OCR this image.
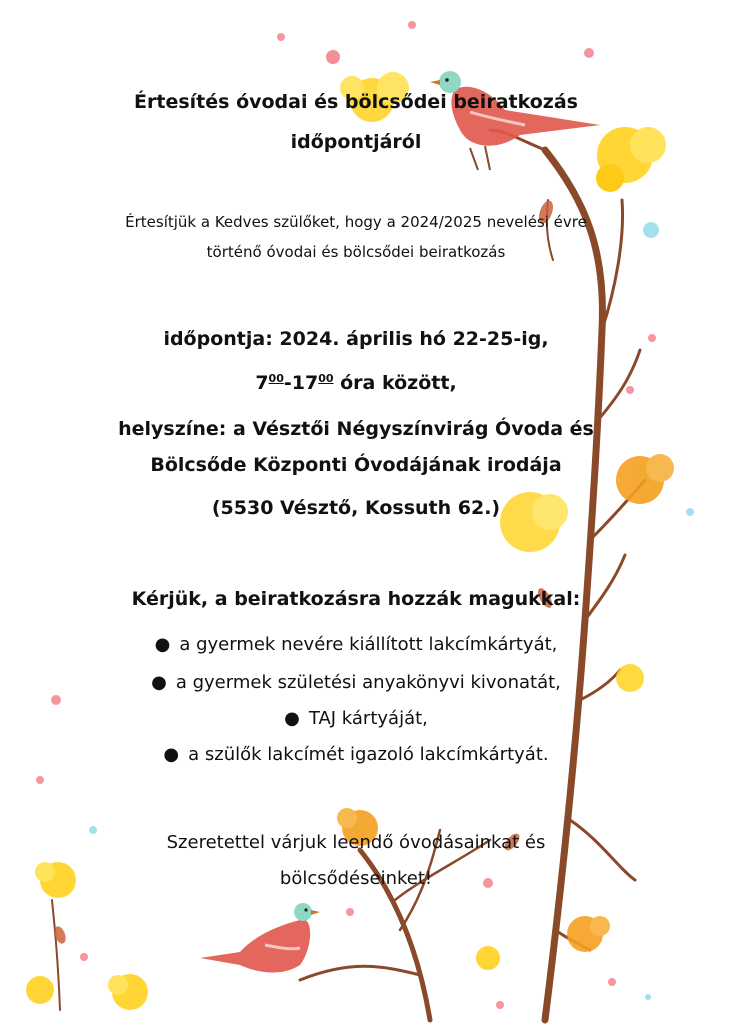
Értesítés óvodai és bölcsődei beiratkozás
időpontjáról
Értesítjük a Kedves szülőket, hogy a 2024/2025 nevelési évre
történő óvodai és bölcsődei beiratkozás
időpontja: 2024. április hó 22-25-ig,
$7^{00}-17^{00}$ óra között,
helyszíne: a Vésztői Négyszínvirág Óvoda és
Bölcsőde Központi Óvodájának irodája
(5530 Vésztő, Kossuth 62.)
Kérjük, a beiratkozásra hozzák magukkal:
● a gyermek nevére kiállított lakcímkártyát,
● a gyermek születési anyakönyvi kivonatát,
● TAJ kártyáját,
● a szülők lakcímét igazoló lakcímkártyát.
Szeretettel várjuk leendő óvodásainkat és
bölcsődéseinket!
